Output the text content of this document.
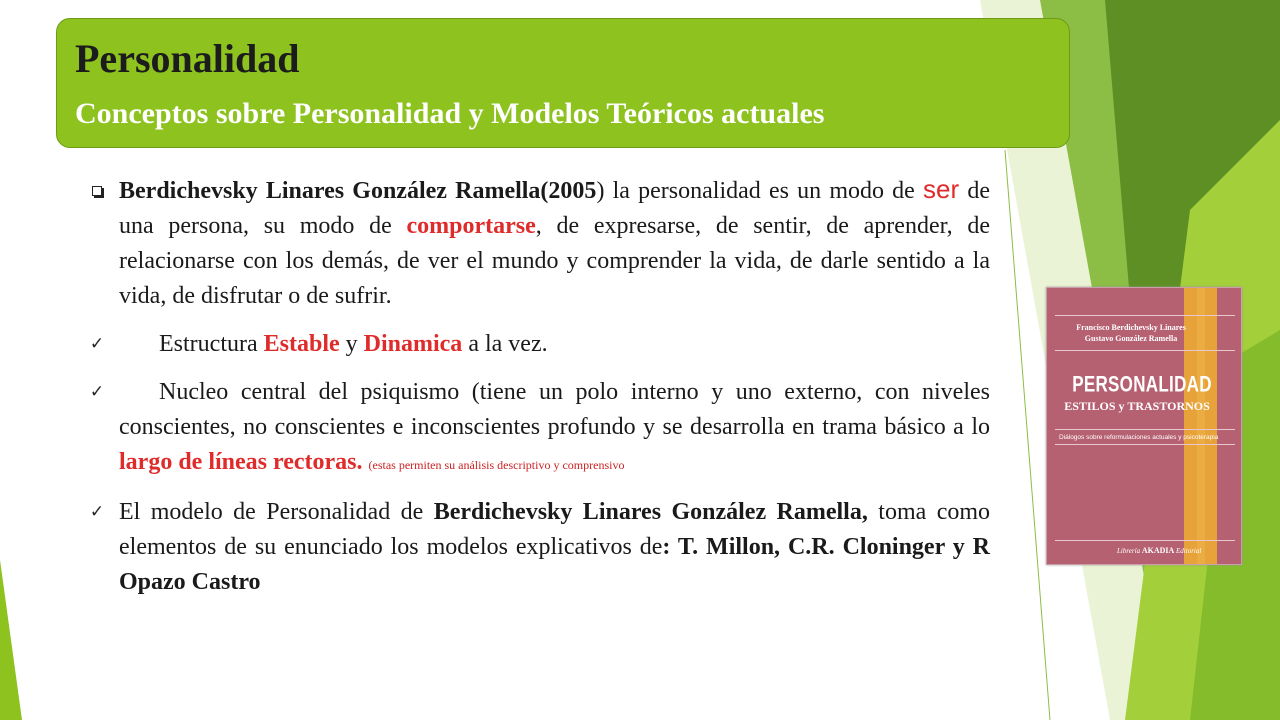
Personalidad
Conceptos sobre Personalidad y Modelos Teóricos actuales
Berdichevsky Linares González Ramella(2005) la personalidad es un modo de ser de una persona, su modo de comportarse, de expresarse, de sentir, de aprender, de relacionarse con los demás, de ver el mundo y comprender la vida, de darle sentido a la vida, de disfrutar o de sufrir.
✓ Estructura Estable y Dinamica a la vez.
✓ Nucleo central del psiquismo (tiene un polo interno y uno externo, con niveles conscientes, no conscientes e inconscientes profundo y se desarrolla en trama básico a lo largo de líneas rectoras. (estas permiten su análisis descriptivo y comprensivo
✓ El modelo de Personalidad de Berdichevsky Linares González Ramella, toma como elementos de su enunciado los modelos explicativos de: T. Millon, C.R. Cloninger y R Opazo Castro
Francisco Berdichevsky Linares
Gustavo González Ramella
PERSONALIDAD
ESTILOS y TRASTORNOS
Diálogos sobre reformulaciones actuales y psicoterapia
Librería AKADIA Editorial
